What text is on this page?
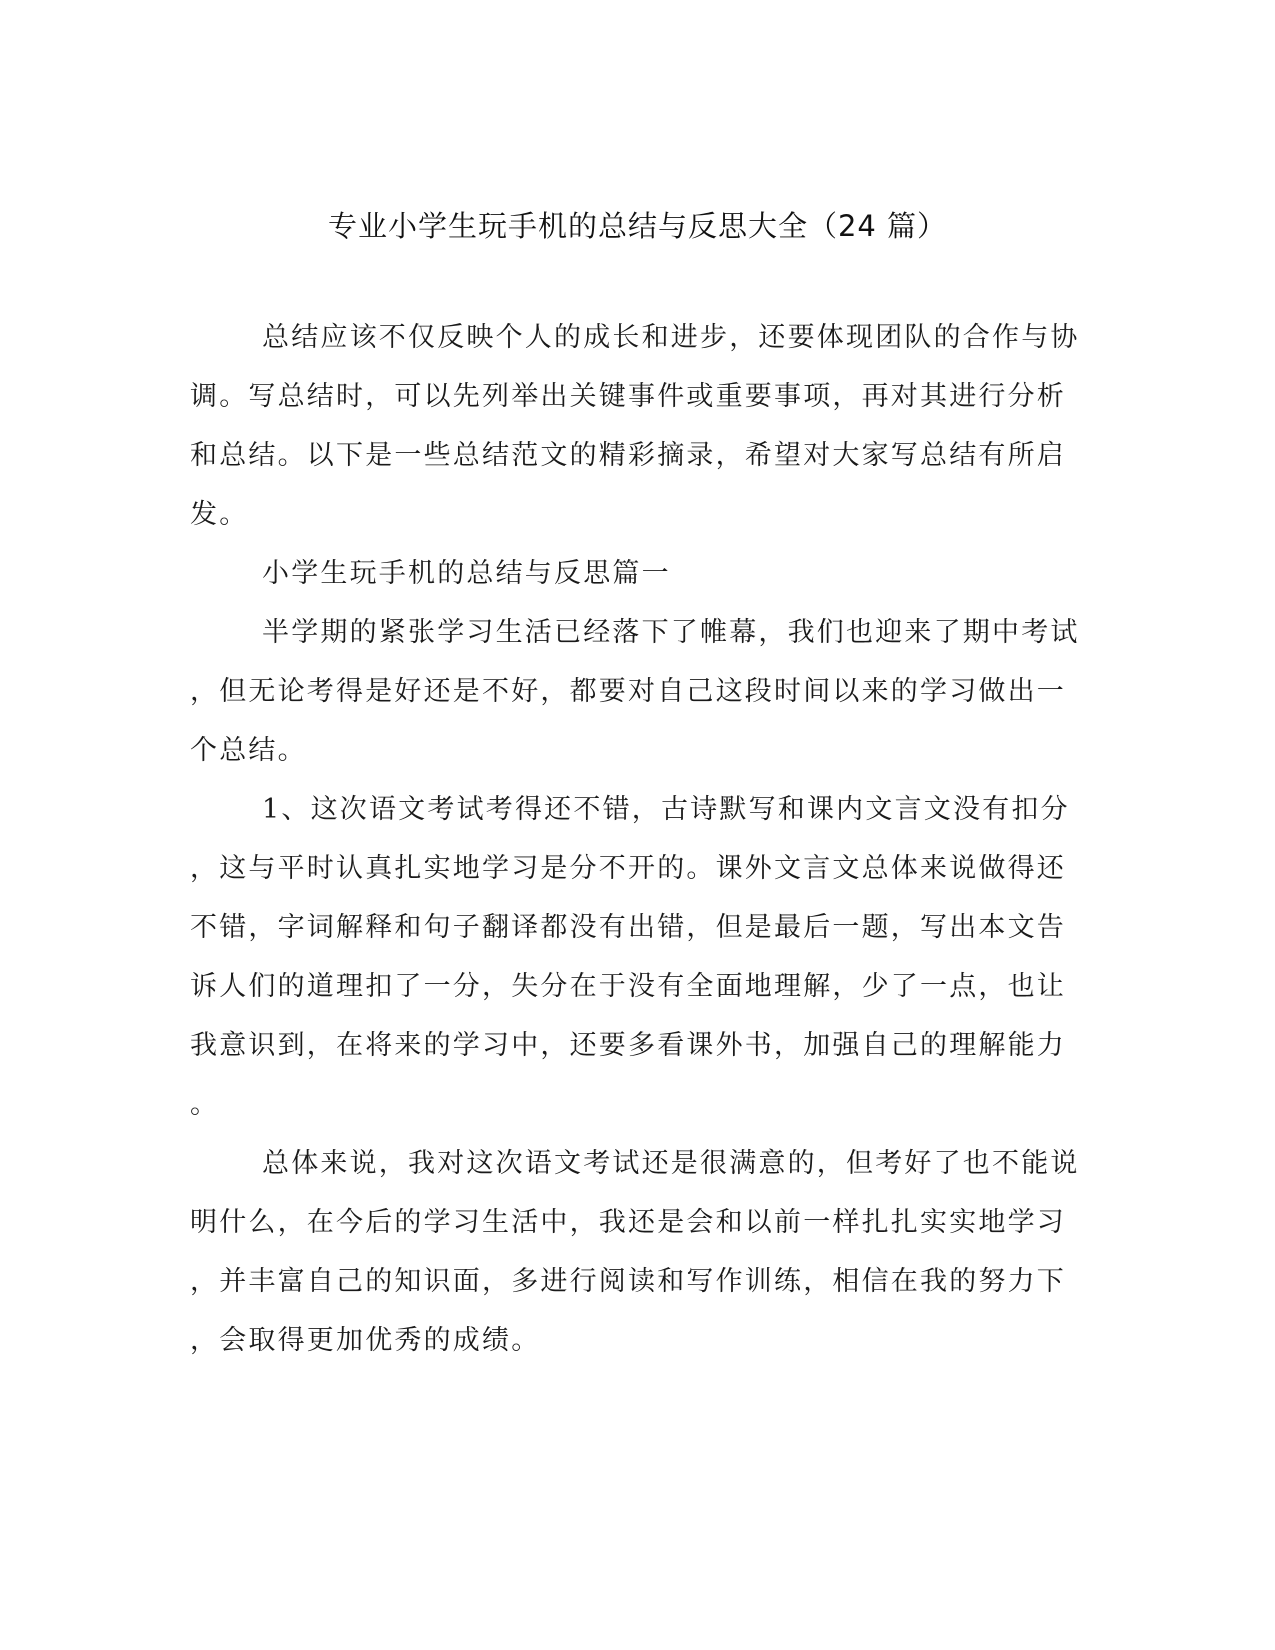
专业小学生玩手机的总结与反思大全（24 篇）
总结应该不仅反映个人的成长和进步，还要体现团队的合作与协
调。写总结时，可以先列举出关键事件或重要事项，再对其进行分析
和总结。以下是一些总结范文的精彩摘录，希望对大家写总结有所启
发。
小学生玩手机的总结与反思篇一
半学期的紧张学习生活已经落下了帷幕，我们也迎来了期中考试
，但无论考得是好还是不好，都要对自己这段时间以来的学习做出一
个总结。
1、这次语文考试考得还不错，古诗默写和课内文言文没有扣分
，这与平时认真扎实地学习是分不开的。课外文言文总体来说做得还
不错，字词解释和句子翻译都没有出错，但是最后一题，写出本文告
诉人们的道理扣了一分，失分在于没有全面地理解，少了一点，也让
我意识到，在将来的学习中，还要多看课外书，加强自己的理解能力
。
总体来说，我对这次语文考试还是很满意的，但考好了也不能说
明什么，在今后的学习生活中，我还是会和以前一样扎扎实实地学习
，并丰富自己的知识面，多进行阅读和写作训练，相信在我的努力下
，会取得更加优秀的成绩。
